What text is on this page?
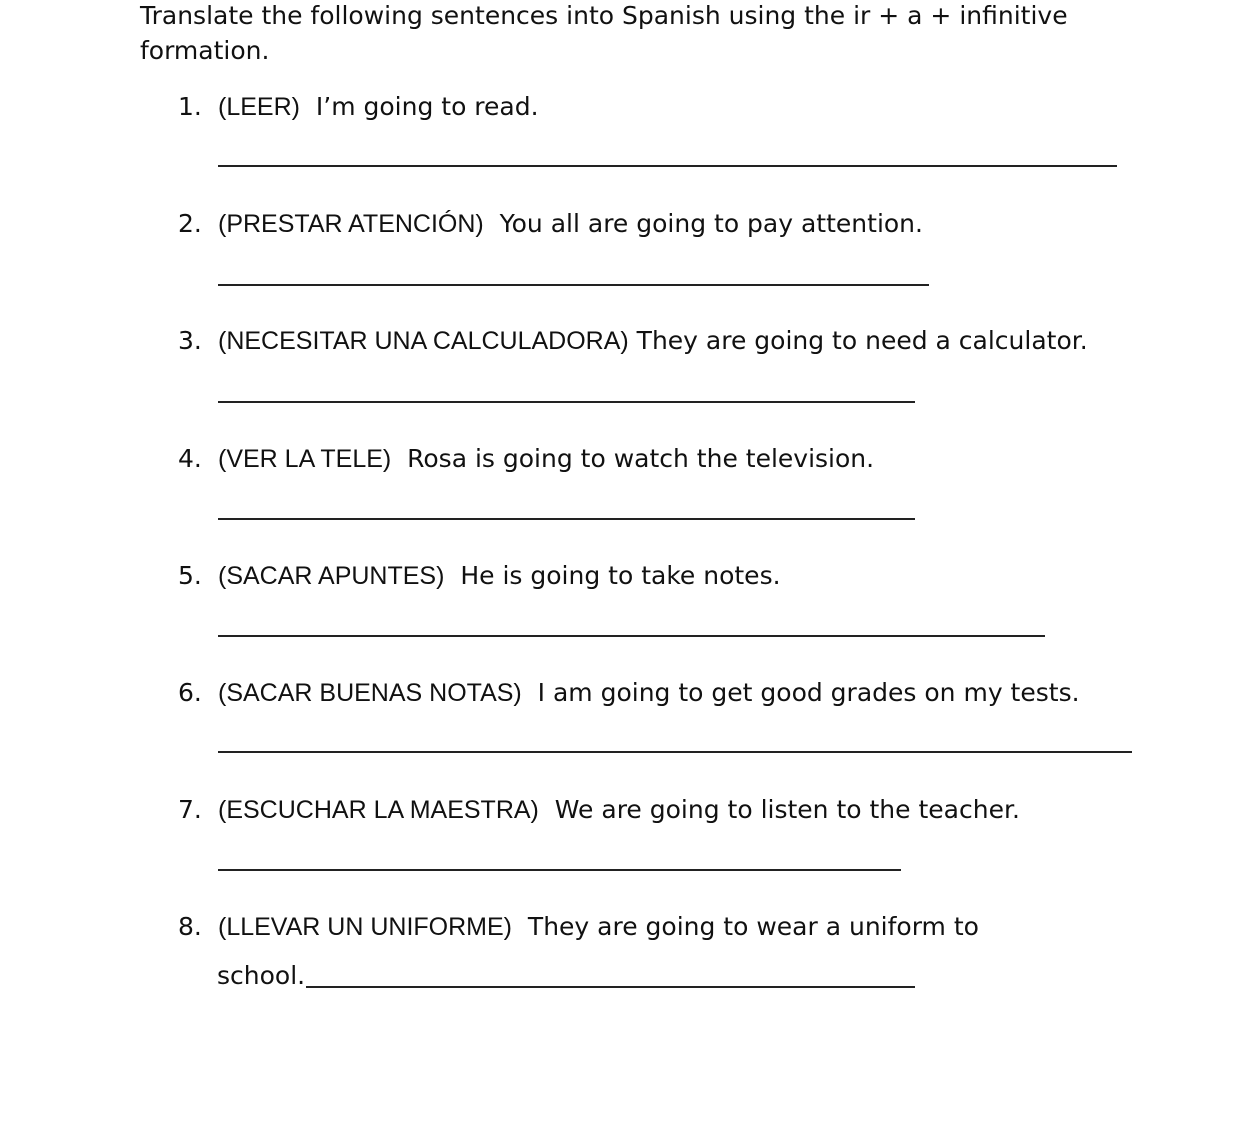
Translate the following sentences into Spanish using the ir + a + infinitive formation.

1. (LEER) I’m going to read.
2. (PRESTAR ATENCIÓN) You all are going to pay attention.
3. (NECESITAR UNA CALCULADORA) They are going to need a calculator.
4. (VER LA TELE) Rosa is going to watch the television.
5. (SACAR APUNTES) He is going to take notes.
6. (SACAR BUENAS NOTAS) I am going to get good grades on my tests.
7. (ESCUCHAR LA MAESTRA) We are going to listen to the teacher.
8. (LLEVAR UN UNIFORME) They are going to wear a uniform to
school.
